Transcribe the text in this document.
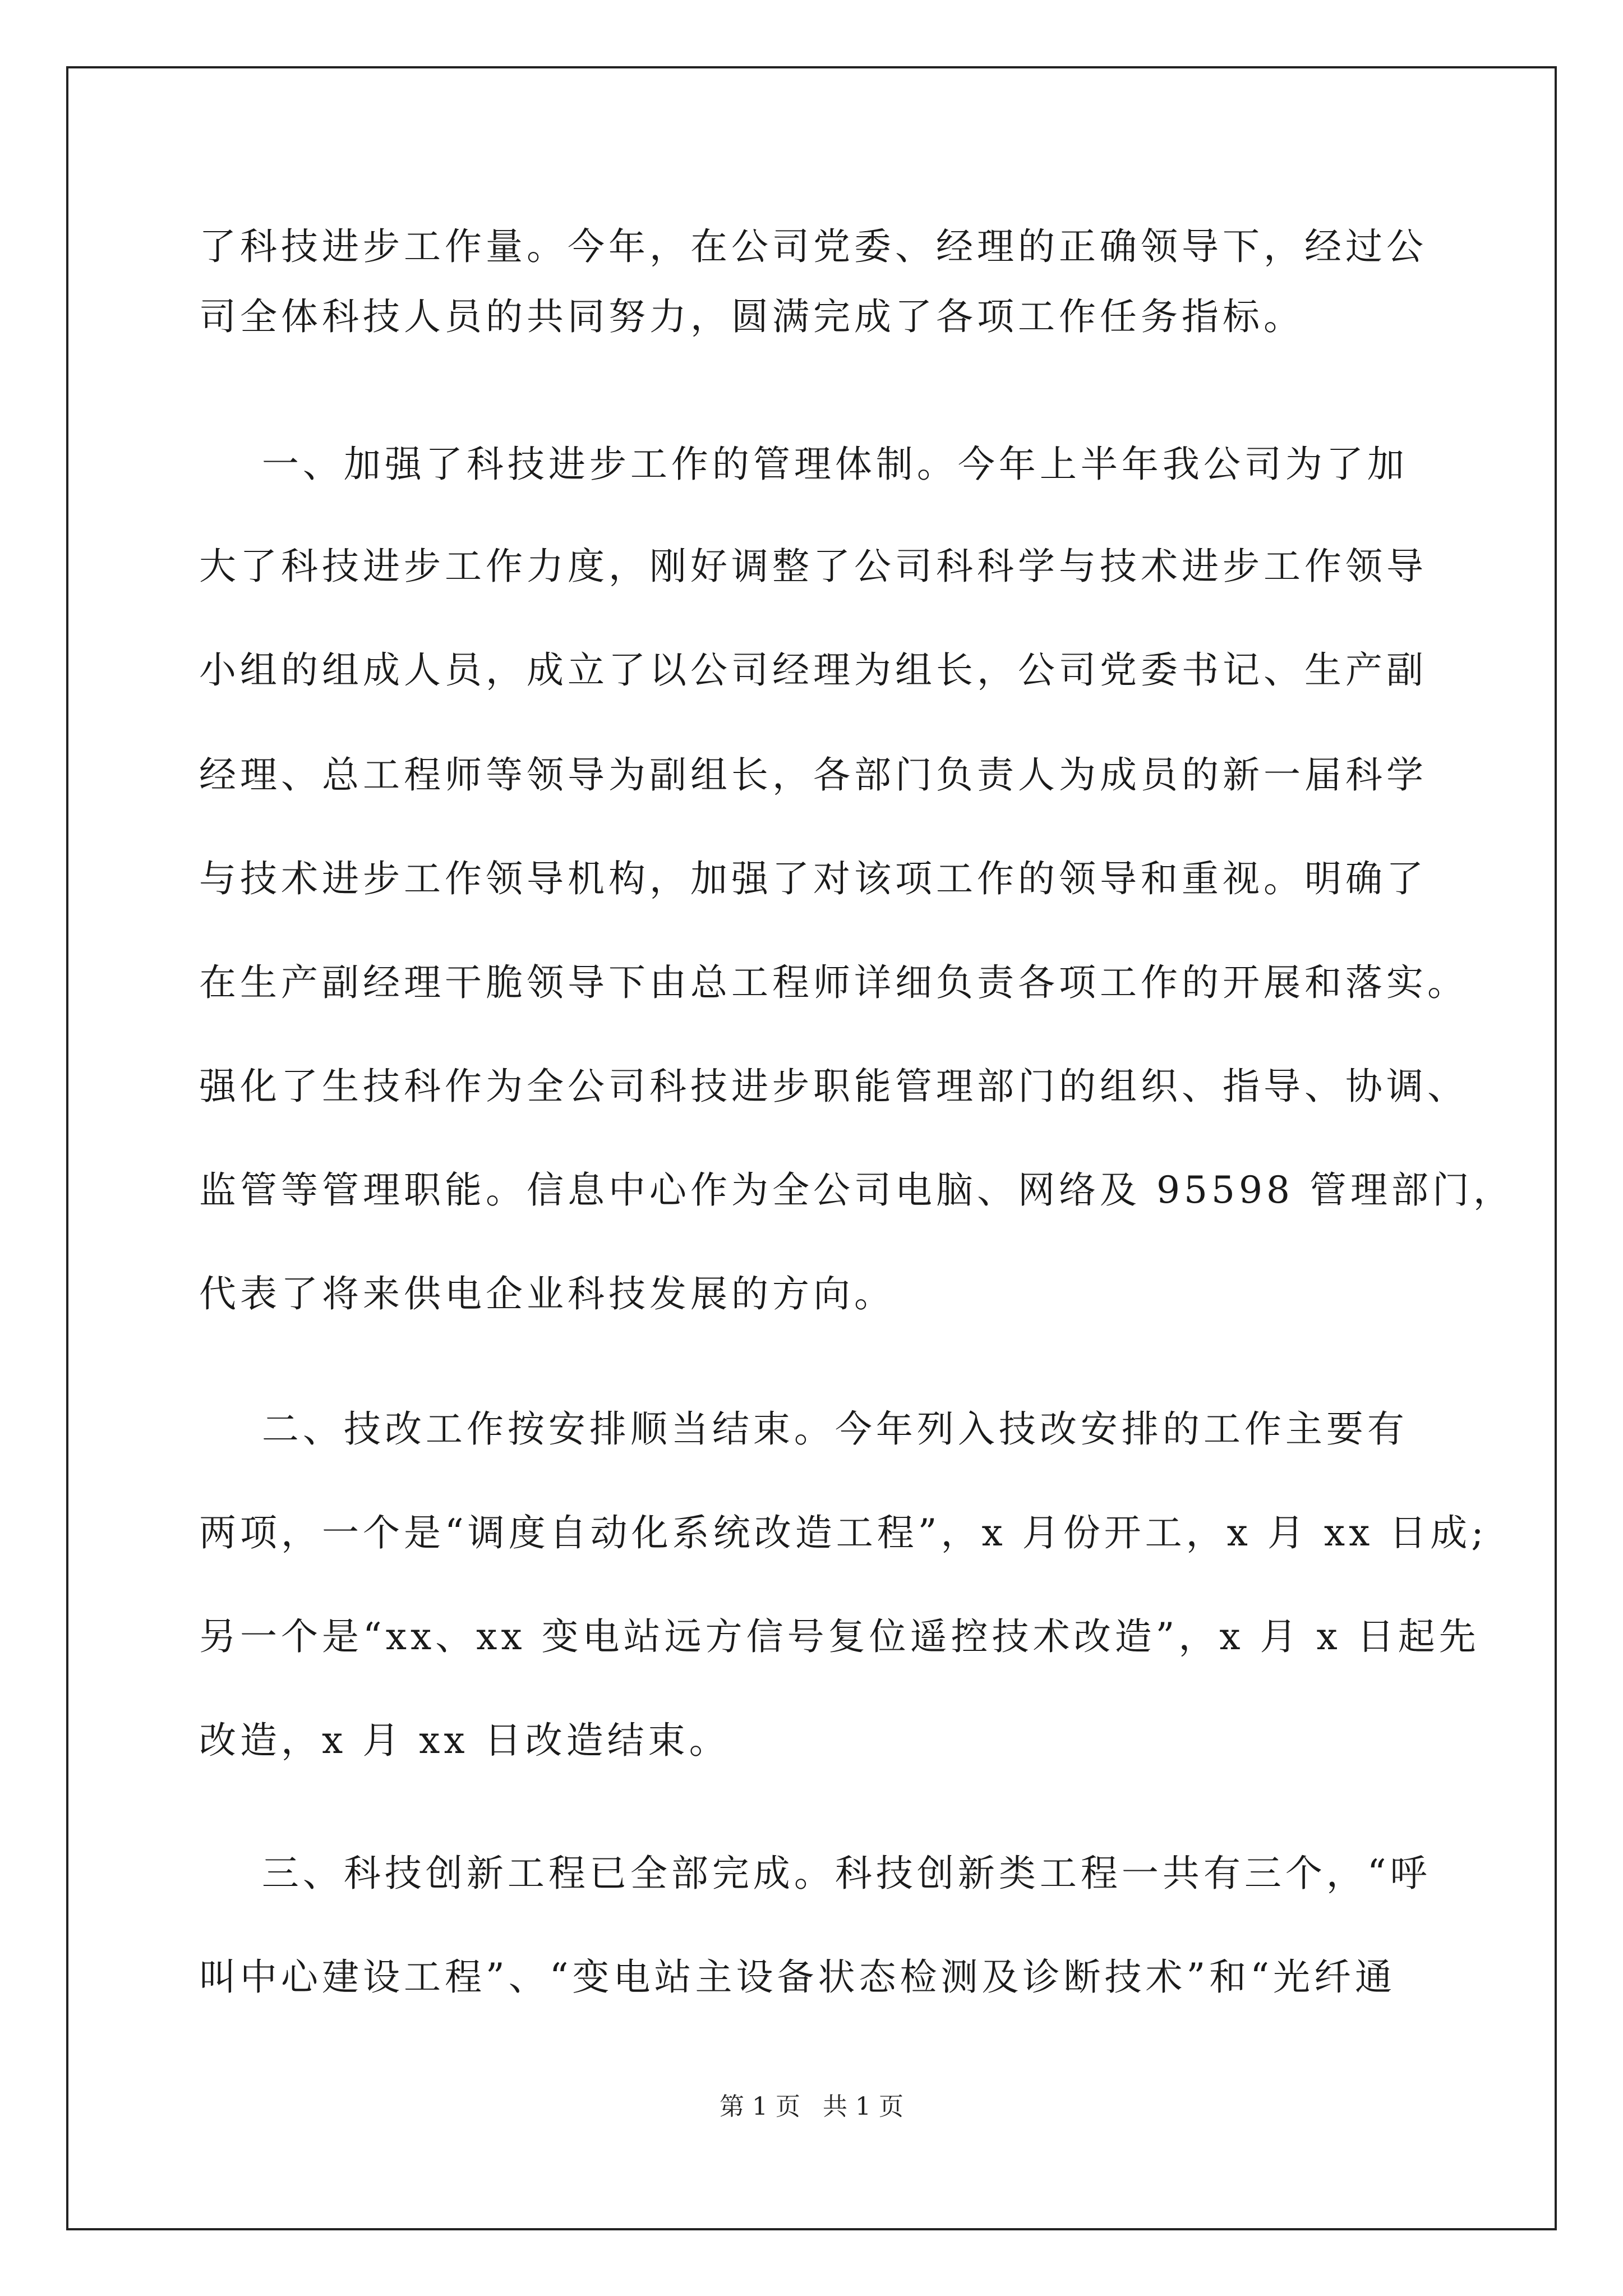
了科技进步工作量。今年，在公司党委、经理的正确领导下，经过公
司全体科技人员的共同努力，圆满完成了各项工作任务指标。
一、加强了科技进步工作的管理体制。今年上半年我公司为了加
大了科技进步工作力度，刚好调整了公司科科学与技术进步工作领导
小组的组成人员，成立了以公司经理为组长，公司党委书记、生产副
经理、总工程师等领导为副组长，各部门负责人为成员的新一届科学
与技术进步工作领导机构，加强了对该项工作的领导和重视。明确了
在生产副经理干脆领导下由总工程师详细负责各项工作的开展和落实。
强化了生技科作为全公司科技进步职能管理部门的组织、指导、协调、
监管等管理职能。信息中心作为全公司电脑、网络及 95598 管理部门，
代表了将来供电企业科技发展的方向。
二、技改工作按安排顺当结束。今年列入技改安排的工作主要有
两项，一个是“调度自动化系统改造工程”，x 月份开工，x 月 xx 日成;
另一个是“xx、xx 变电站远方信号复位遥控技术改造”，x 月 x 日起先
改造，x 月 xx 日改造结束。
三、科技创新工程已全部完成。科技创新类工程一共有三个，“呼
叫中心建设工程”、“变电站主设备状态检测及诊断技术”和“光纤通
第 1 页 共 1 页
